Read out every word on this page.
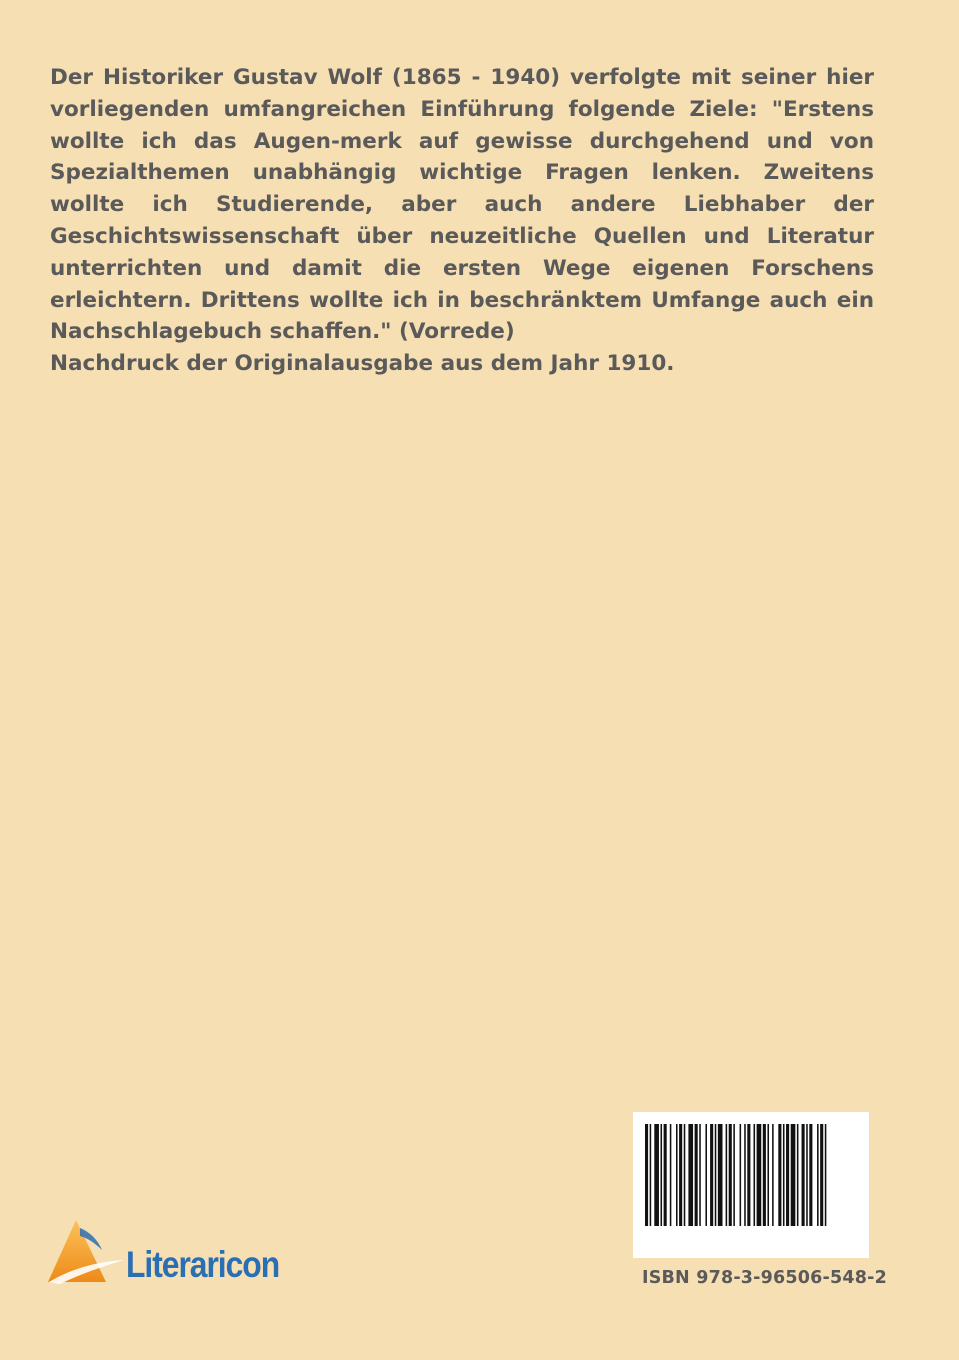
Der Historiker Gustav Wolf (1865 - 1940) verfolgte mit seiner hier vorliegenden umfangreichen Einführung folgende Ziele: "Erstens wollte ich das Augen-merk auf gewisse durchgehend und von Spezialthemen unabhängig wichtige Fragen lenken. Zweitens wollte ich Studierende, aber auch andere Liebhaber der Geschichtswissenschaft über neuzeitliche Quellen und Literatur unterrichten und damit die ersten Wege eigenen Forschens erleichtern. Drittens wollte ich in beschränktem Umfange auch ein Nachschlagebuch schaffen." (Vorrede)

Nachdruck der Originalausgabe aus dem Jahr 1910.

Literaricon	ISBN 978-3-96506-548-2
